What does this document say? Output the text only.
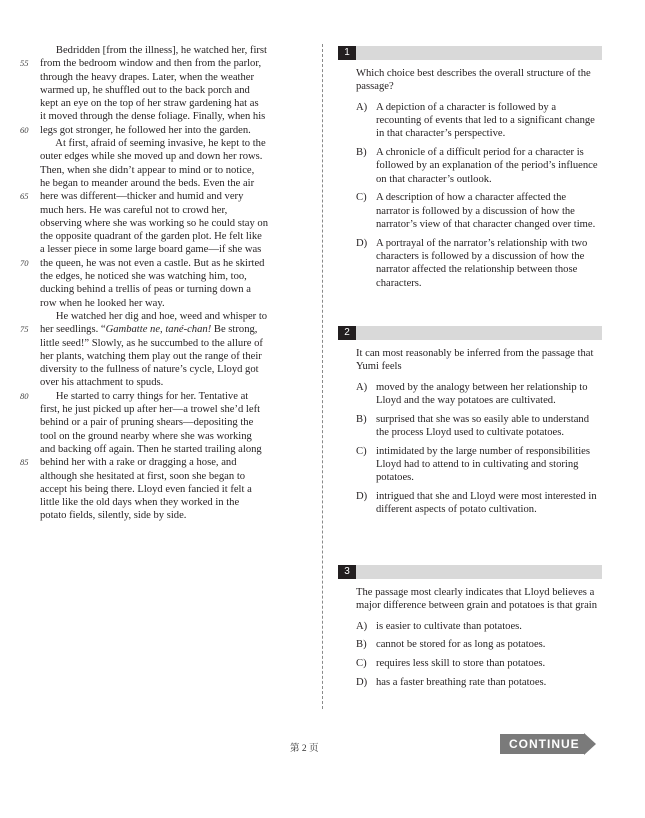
Bedridden [from the illness], he watched her, first
55	from the bedroom window and then from the parlor,
through the heavy drapes. Later, when the weather
warmed up, he shuffled out to the back porch and
kept an eye on the top of her straw gardening hat as
it moved through the dense foliage. Finally, when his
60	legs got stronger, he followed her into the garden.
At first, afraid of seeming invasive, he kept to the
outer edges while she moved up and down her rows.
Then, when she didn’t appear to mind or to notice,
he began to meander around the beds. Even the air
65	here was different—thicker and humid and very
much hers. He was careful not to crowd her,
observing where she was working so he could stay on
the opposite quadrant of the garden plot. He felt like
a lesser piece in some large board game—if she was
70	the queen, he was not even a castle. But as he skirted
the edges, he noticed she was watching him, too,
ducking behind a trellis of peas or turning down a
row when he looked her way.
He watched her dig and hoe, weed and whisper to
75	her seedlings. “Gambatte ne, tané-chan! Be strong,
little seed!” Slowly, as he succumbed to the allure of
her plants, watching them play out the range of their
diversity to the fullness of nature’s cycle, Lloyd got
over his attachment to spuds.
80	He started to carry things for her. Tentative at
first, he just picked up after her—a trowel she’d left
behind or a pair of pruning shears—depositing the
tool on the ground nearby where she was working
and backing off again. Then he started trailing along
85	behind her with a rake or dragging a hose, and
although she hesitated at first, soon she began to
accept his being there. Lloyd even fancied it felt a
little like the old days when they worked in the
potato fields, silently, side by side.
1
Which choice best describes the overall structure of the passage?
A) A depiction of a character is followed by a recounting of events that led to a significant change in that character’s perspective.
B) A chronicle of a difficult period for a character is followed by an explanation of the period’s influence on that character’s outlook.
C) A description of how a character affected the narrator is followed by a discussion of how the narrator’s view of that character changed over time.
D) A portrayal of the narrator’s relationship with two characters is followed by a discussion of how the narrator affected the relationship between those characters.
2
It can most reasonably be inferred from the passage that Yumi feels
A) moved by the analogy between her relationship to Lloyd and the way potatoes are cultivated.
B) surprised that she was so easily able to understand the process Lloyd used to cultivate potatoes.
C) intimidated by the large number of responsibilities Lloyd had to attend to in cultivating and storing potatoes.
D) intrigued that she and Lloyd were most interested in different aspects of potato cultivation.
3
The passage most clearly indicates that Lloyd believes a major difference between grain and potatoes is that grain
A) is easier to cultivate than potatoes.
B) cannot be stored for as long as potatoes.
C) requires less skill to store than potatoes.
D) has a faster breathing rate than potatoes.
第 2 页	CONTINUE
